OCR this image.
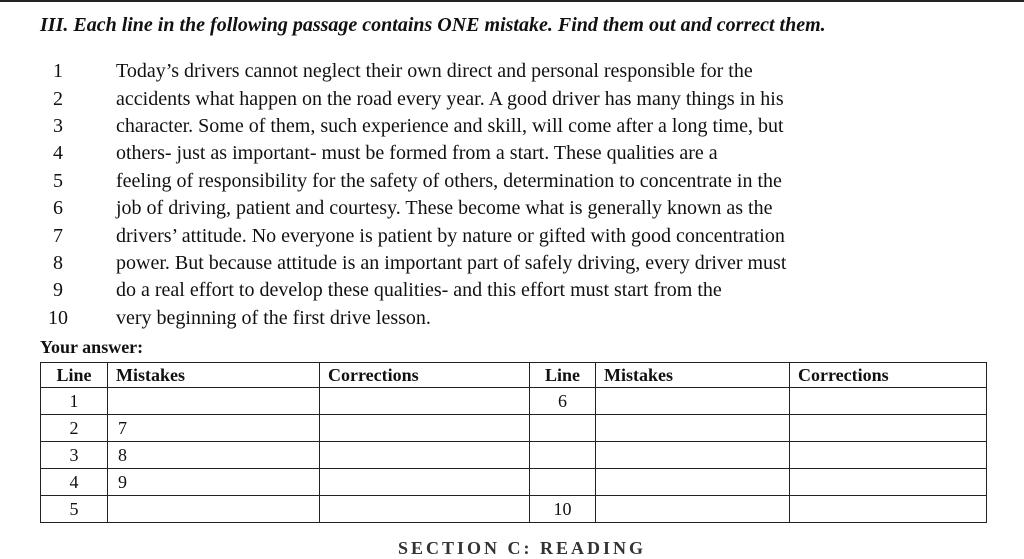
III. Each line in the following passage contains ONE mistake. Find them out and correct them.
1	Today’s drivers cannot neglect their own direct and personal responsible for the
2	accidents what happen on the road every year. A good driver has many things in his
3	character. Some of them, such experience and skill, will come after a long time, but
4	others- just as important- must be formed from a start. These qualities are a
5	feeling of responsibility for the safety of others, determination to concentrate in the
6	job of driving, patient and courtesy. These become what is generally known as the
7	drivers’ attitude. No everyone is patient by nature or gifted with good concentration
8	power. But because attitude is an important part of safely driving, every driver must
9	do a real effort to develop these qualities- and this effort must start from the
10	very beginning of the first drive lesson.
Your answer:
Line	Mistakes	Corrections	Line	Mistakes	Corrections
1			6		
2	7				
3	8				
4	9				
5			10		
SECTION C: READING
